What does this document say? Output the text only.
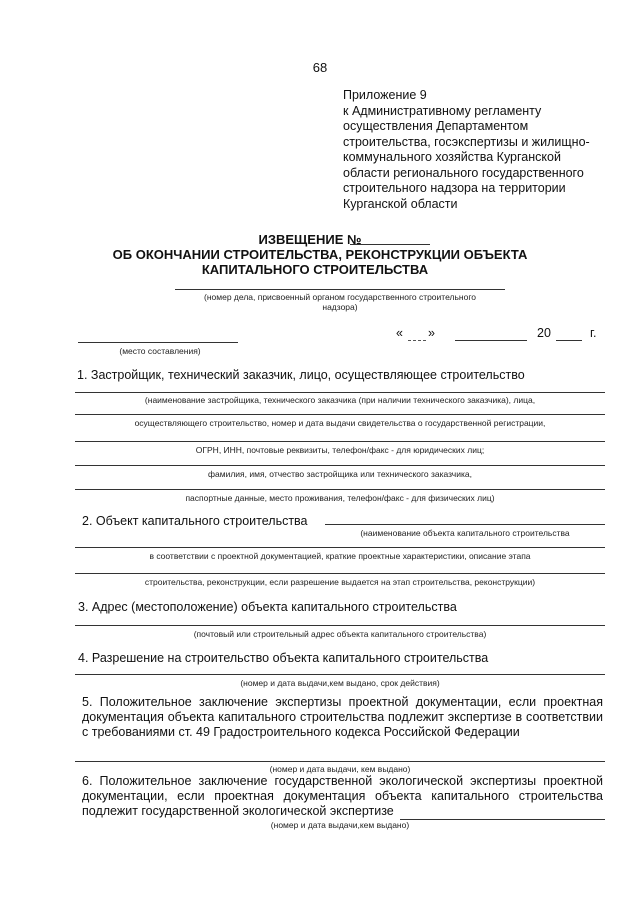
68
Приложение 9
к Административному регламенту
осуществления Департаментом
строительства, госэкспертизы и жилищно-
коммунального хозяйства Курганской
области регионального государственного
строительного надзора на территории
Курганской области
ИЗВЕЩЕНИЕ №
ОБ ОКОНЧАНИИ СТРОИТЕЛЬСТВА, РЕКОНСТРУКЦИИ ОБЪЕКТА
КАПИТАЛЬНОГО СТРОИТЕЛЬСТВА
(номер дела, присвоенный органом государственного строительного
надзора)
« »	20	г.
(место составления)
1. Застройщик, технический заказчик, лицо, осуществляющее строительство
(наименование застройщика, технического заказчика (при наличии технического заказчика), лица,
осуществляющего строительство, номер и дата выдачи свидетельства о государственной регистрации,
ОГРН, ИНН, почтовые реквизиты, телефон/факс - для юридических лиц;
фамилия, имя, отчество застройщика или технического заказчика,
паспортные данные, место проживания, телефон/факс - для физических лиц)
2. Объект капитального строительства
(наименование объекта капитального строительства
в соответствии с проектной документацией, краткие проектные характеристики, описание этапа
строительства, реконструкции, если разрешение выдается на этап строительства, реконструкции)
3. Адрес (местоположение) объекта капитального строительства
(почтовый или строительный адрес объекта капитального строительства)
4. Разрешение на строительство объекта капитального строительства
(номер и дата выдачи,кем выдано, срок действия)
5. Положительное заключение экспертизы проектной документации, если проектная документация объекта капитального строительства подлежит экспертизе в соответствии с требованиями ст. 49 Градостроительного кодекса Российской Федерации
(номер и дата выдачи, кем выдано)
6. Положительное заключение государственной экологической экспертизы проектной документации, если проектная документация объекта капитального строительства подлежит государственной экологической экспертизе
(номер и дата выдачи,кем выдано)
